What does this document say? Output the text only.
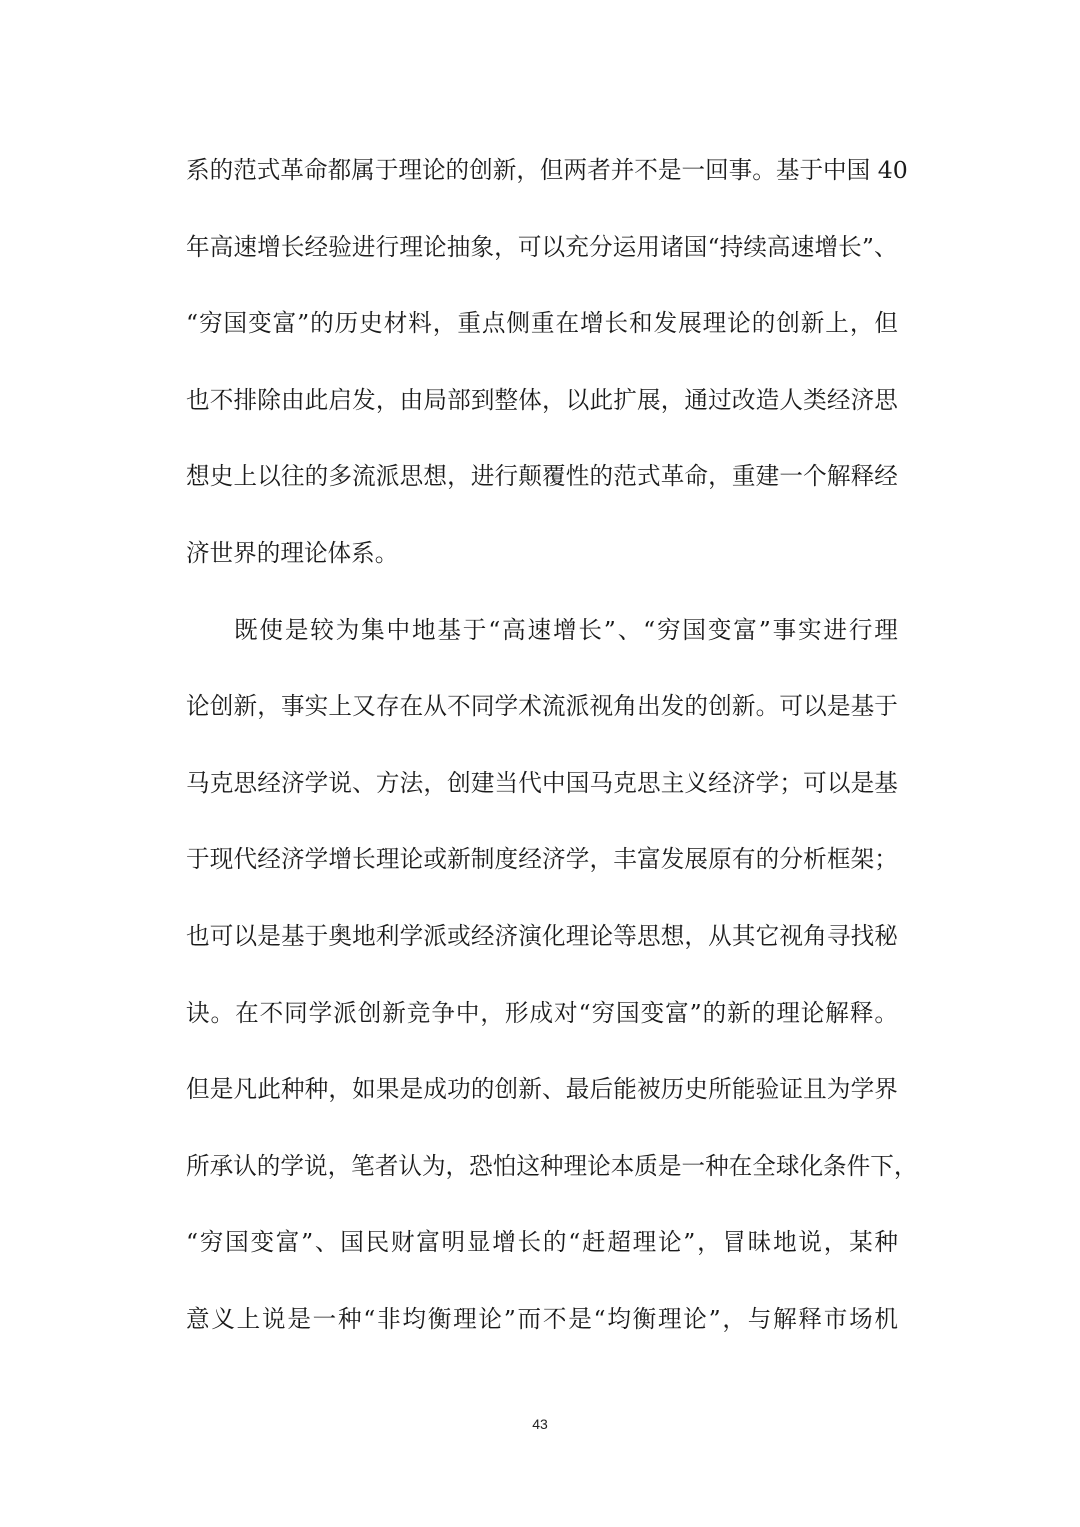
系 的 范 式 革 命 都 属 于 理 论 的 创 新 ， 但 两 者 并 不 是 一 回 事 。 基 于 中 国
4 0
年 高 速 增 长 经 验 进 行 理 论 抽 象 ， 可 以 充 分 运 用 诸 国 “ 持 续 高 速 增 长 ” 、
“ 穷 国 变 富 ” 的 历 史 材 料 ， 重 点 侧 重 在 增 长 和 发 展 理 论 的 创 新 上 ， 但
也 不 排 除 由 此 启 发 ， 由 局 部 到 整 体 ， 以 此 扩 展 ， 通 过 改 造 人 类 经 济 思
想 史 上 以 往 的 多 流 派 思 想 ， 进 行 颠 覆 性 的 范 式 革 命 ， 重 建 一 个 解 释 经
济世界的理论体系。
既 使 是 较 为 集 中 地 基 于 “ 高 速 增 长 ” 、 “ 穷 国 变 富 ” 事 实 进 行 理
论 创 新 ， 事 实 上 又 存 在 从 不 同 学 术 流 派 视 角 出 发 的 创 新 。 可 以 是 基 于
马 克 思 经 济 学 说 、 方 法 ， 创 建 当 代 中 国 马 克 思 主 义 经 济 学 ； 可 以 是 基
于 现 代 经 济 学 增 长 理 论 或 新 制 度 经 济 学 ， 丰 富 发 展 原 有 的 分 析 框 架 ；
也 可 以 是 基 于 奥 地 利 学 派 或 经 济 演 化 理 论 等 思 想 ， 从 其 它 视 角 寻 找 秘
诀 。 在 不 同 学 派 创 新 竞 争 中 ， 形 成 对 “ 穷 国 变 富 ” 的 新 的 理 论 解 释 。
但 是 凡 此 种 种 ， 如 果 是 成 功 的 创 新 、 最 后 能 被 历 史 所 能 验 证 且 为 学 界
所 承 认 的 学 说 ， 笔 者 认 为 ， 恐 怕 这 种 理 论 本 质 是 一 种 在 全 球 化 条 件 下 ，
“ 穷 国 变 富 ” 、 国 民 财 富 明 显 增 长 的 “ 赶 超 理 论 ” ， 冒 昧 地 说 ， 某 种
意 义 上 说 是 一 种 “ 非 均 衡 理 论 ” 而 不 是 “ 均 衡 理 论 ” ， 与 解 释 市 场 机
43
